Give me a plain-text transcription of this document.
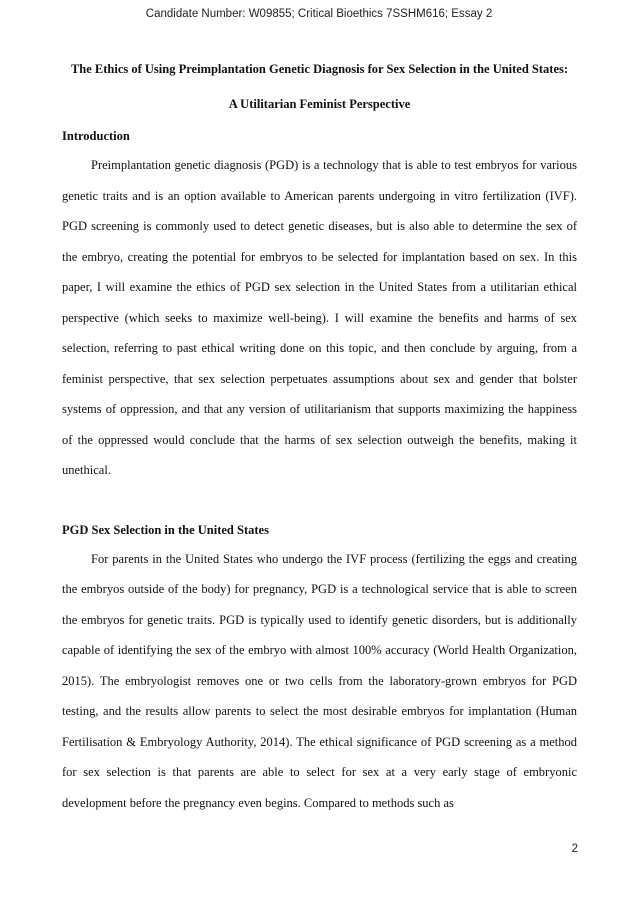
Candidate Number: W09855; Critical Bioethics 7SSHM616; Essay 2

The Ethics of Using Preimplantation Genetic Diagnosis for Sex Selection in the United States:

A Utilitarian Feminist Perspective

Introduction

Preimplantation genetic diagnosis (PGD) is a technology that is able to test embryos for various genetic traits and is an option available to American parents undergoing in vitro fertilization (IVF). PGD screening is commonly used to detect genetic diseases, but is also able to determine the sex of the embryo, creating the potential for embryos to be selected for implantation based on sex. In this paper, I will examine the ethics of PGD sex selection in the United States from a utilitarian ethical perspective (which seeks to maximize well-being). I will examine the benefits and harms of sex selection, referring to past ethical writing done on this topic, and then conclude by arguing, from a feminist perspective, that sex selection perpetuates assumptions about sex and gender that bolster systems of oppression, and that any version of utilitarianism that supports maximizing the happiness of the oppressed would conclude that the harms of sex selection outweigh the benefits, making it unethical.

PGD Sex Selection in the United States

For parents in the United States who undergo the IVF process (fertilizing the eggs and creating the embryos outside of the body) for pregnancy, PGD is a technological service that is able to screen the embryos for genetic traits. PGD is typically used to identify genetic disorders, but is additionally capable of identifying the sex of the embryo with almost 100% accuracy (World Health Organization, 2015). The embryologist removes one or two cells from the laboratory-grown embryos for PGD testing, and the results allow parents to select the most desirable embryos for implantation (Human Fertilisation & Embryology Authority, 2014). The ethical significance of PGD screening as a method for sex selection is that parents are able to select for sex at a very early stage of embryonic development before the pregnancy even begins. Compared to methods such as

2
